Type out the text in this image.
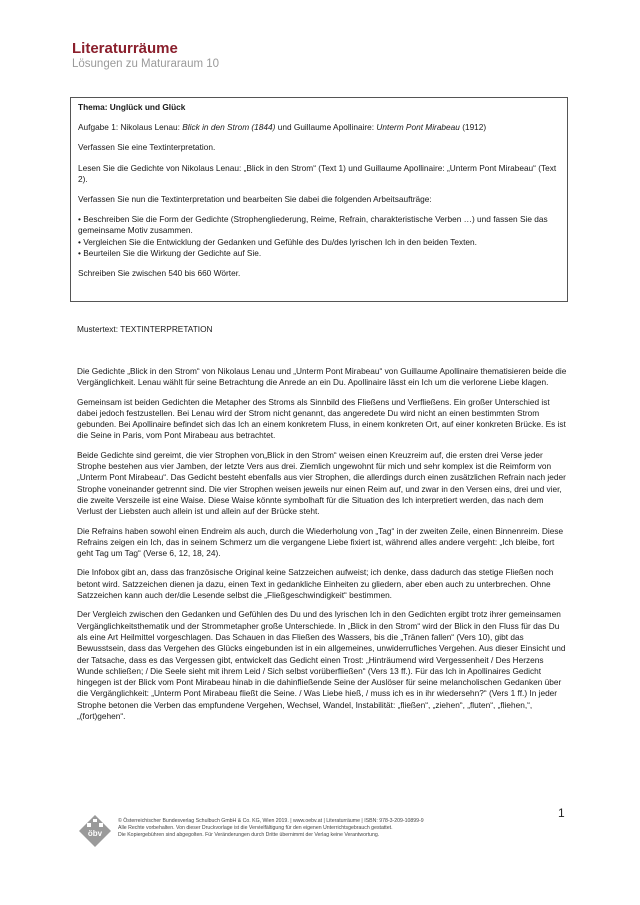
Literaturräume
Lösungen zu Maturaraum 10

Thema: Unglück und Glück

Aufgabe 1: Nikolaus Lenau: Blick in den Strom (1844) und Guillaume Apollinaire: Unterm Pont Mirabeau (1912)

Verfassen Sie eine Textinterpretation.

Lesen Sie die Gedichte von Nikolaus Lenau: „Blick in den Strom“ (Text 1) und Guillaume Apollinaire: „Unterm Pont Mirabeau“ (Text 2).

Verfassen Sie nun die Textinterpretation und bearbeiten Sie dabei die folgenden Arbeitsaufträge:

• Beschreiben Sie die Form der Gedichte (Strophengliederung, Reime, Refrain, charakteristische Verben …) und fassen Sie das gemeinsame Motiv zusammen.
• Vergleichen Sie die Entwicklung der Gedanken und Gefühle des Du/des lyrischen Ich in den beiden Texten.
• Beurteilen Sie die Wirkung der Gedichte auf Sie.

Schreiben Sie zwischen 540 bis 660 Wörter.

Mustertext: TEXTINTERPRETATION

Die Gedichte „Blick in den Strom“ von Nikolaus Lenau und „Unterm Pont Mirabeau“ von Guillaume Apollinaire thematisieren beide die Vergänglichkeit. Lenau wählt für seine Betrachtung die Anrede an ein Du. Apollinaire lässt ein Ich um die verlorene Liebe klagen.

Gemeinsam ist beiden Gedichten die Metapher des Stroms als Sinnbild des Fließens und Verfließens. Ein großer Unterschied ist dabei jedoch festzustellen. Bei Lenau wird der Strom nicht genannt, das angeredete Du wird nicht an einen bestimmten Strom gebunden. Bei Apollinaire befindet sich das Ich an einem konkretem Fluss, in einem konkreten Ort, auf einer konkreten Brücke. Es ist die Seine in Paris, vom Pont Mirabeau aus betrachtet.

Beide Gedichte sind gereimt, die vier Strophen von„Blick in den Strom“ weisen einen Kreuzreim auf, die ersten drei Verse jeder Strophe bestehen aus vier Jamben, der letzte Vers aus drei. Ziemlich ungewohnt für mich und sehr komplex ist die Reimform von „Unterm Pont Mirabeau“. Das Gedicht besteht ebenfalls aus vier Strophen, die allerdings durch einen zusätzlichen Refrain nach jeder Strophe voneinander getrennt sind. Die vier Strophen weisen jeweils nur einen Reim auf, und zwar in den Versen eins, drei und vier, die zweite Verszeile ist eine Waise. Diese Waise könnte symbolhaft für die Situation des Ich interpretiert werden, das nach dem Verlust der Liebsten auch allein ist und allein auf der Brücke steht.

Die Refrains haben sowohl einen Endreim als auch, durch die Wiederholung von „Tag“ in der zweiten Zeile, einen Binnenreim. Diese Refrains zeigen ein Ich, das in seinem Schmerz um die vergangene Liebe fixiert ist, während alles andere vergeht: „Ich bleibe, fort geht Tag um Tag“ (Verse 6, 12, 18, 24).

Die Infobox gibt an, dass das französische Original keine Satzzeichen aufweist; ich denke, dass dadurch das stetige Fließen noch betont wird. Satzzeichen dienen ja dazu, einen Text in gedankliche Einheiten zu gliedern, aber eben auch zu unterbrechen. Ohne Satzzeichen kann auch der/die Lesende selbst die „Fließgeschwindigkeit“ bestimmen.

Der Vergleich zwischen den Gedanken und Gefühlen des Du und des lyrischen Ich in den Gedichten ergibt trotz ihrer gemeinsamen Vergänglichkeitsthematik und der Strommetapher große Unterschiede. In „Blick in den Strom“ wird der Blick in den Fluss für das Du als eine Art Heilmittel vorgeschlagen. Das Schauen in das Fließen des Wassers, bis die „Tränen fallen“ (Vers 10), gibt das Bewusstsein, dass das Vergehen des Glücks eingebunden ist in ein allgemeines, unwiderrufliches Vergehen. Aus dieser Einsicht und der Tatsache, dass es das Vergessen gibt, entwickelt das Gedicht einen Trost: „Hinträumend wird Vergessenheit / Des Herzens Wunde schließen; / Die Seele sieht mit ihrem Leid / Sich selbst vorüberfließen“ (Vers 13 ff.). Für das Ich in Apollinaires Gedicht hingegen ist der Blick vom Pont Mirabeau hinab in die dahinfließende Seine der Auslöser für seine melancholischen Gedanken über die Vergänglichkeit: „Unterm Pont Mirabeau fließt die Seine. / Was Liebe hieß, / muss ich es in ihr wiedersehn?“ (Vers 1 ff.) In jeder Strophe betonen die Verben das empfundene Vergehen, Wechsel, Wandel, Instabilität: „fließen“, „ziehen“, „fluten“, „fliehen,“, „(fort)gehen“.

1
öbv
© Österreichischer Bundesverlag Schulbuch GmbH & Co. KG, Wien 2019. | www.oebv.at | Literaturräume | ISBN: 978-3-209-10899-9
Alle Rechte vorbehalten. Von dieser Druckvorlage ist die Vervielfältigung für den eigenen Unterrichtsgebrauch gestattet.
Die Kopiergebühren sind abgegolten. Für Veränderungen durch Dritte übernimmt der Verlag keine Verantwortung.
